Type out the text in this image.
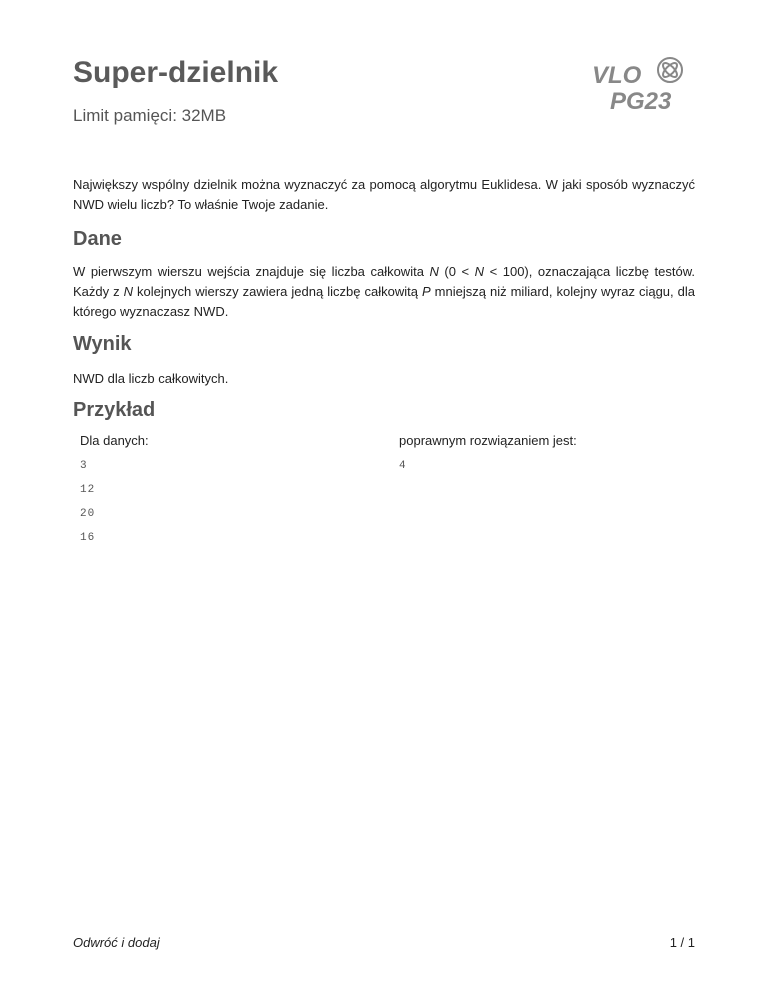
Super-dzielnik

Limit pamięci: 32MB

VLO
PG23

Największy wspólny dzielnik można wyznaczyć za pomocą algorytmu Euklidesa. W jaki sposób wyznaczyć NWD wielu liczb? To właśnie Twoje zadanie.

Dane

W pierwszym wierszu wejścia znajduje się liczba całkowita N (0 < N < 100), oznaczająca liczbę testów. Każdy z N kolejnych wierszy zawiera jedną liczbę całkowitą P mniejszą niż miliard, kolejny wyraz ciągu, dla którego wyznaczasz NWD.

Wynik

NWD dla liczb całkowitych.

Przykład

Dla danych:

3
12
20
16

poprawnym rozwiązaniem jest:

4
Odwróć i dodaj	1 / 1
